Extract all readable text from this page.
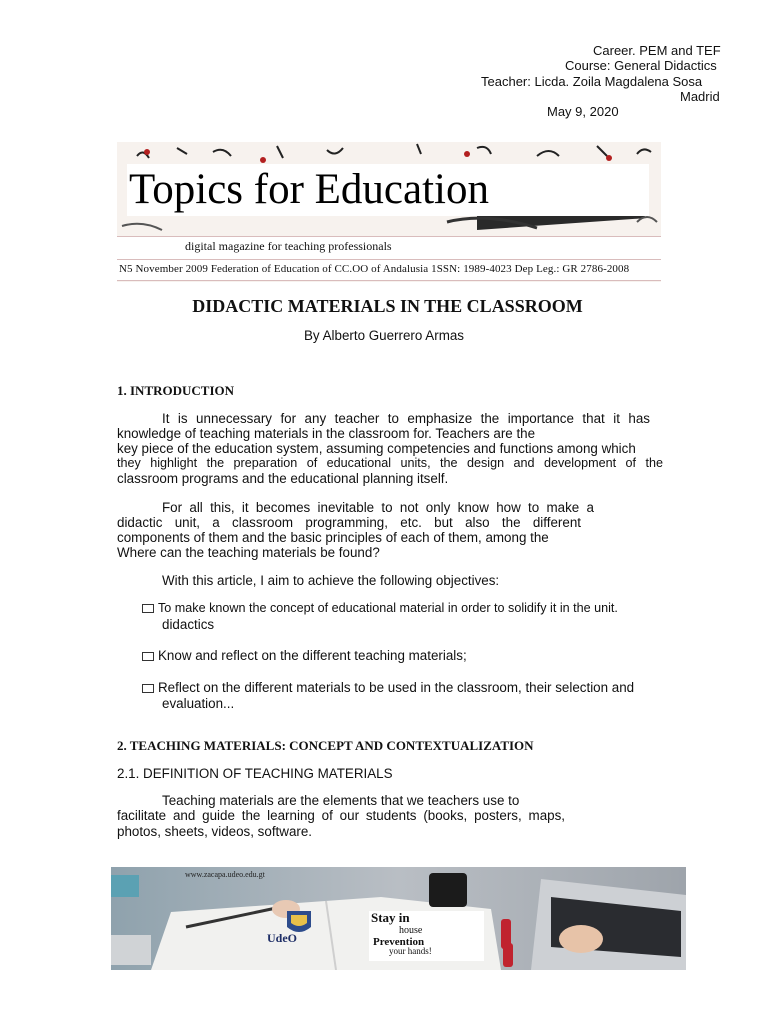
Career. PEM and TEF
Course: General Didactics
Teacher: Licda. Zoila Magdalena Sosa
Madrid
May 9, 2020
Topics for Education
digital magazine for teaching professionals
N5 November 2009 Federation of Education of CC.OO of Andalusia 1SSN: 1989-4023 Dep Leg.: GR 2786-2008
DIDACTIC MATERIALS IN THE CLASSROOM
By Alberto Guerrero Armas
1. INTRODUCTION
It is unnecessary for any teacher to emphasize the importance that it has
knowledge of teaching materials in the classroom for. Teachers are the
key piece of the education system, assuming competencies and functions among which
they highlight the preparation of educational units, the design and development of the
classroom programs and the educational planning itself.
For all this, it becomes inevitable to not only know how to make a
didactic unit, a classroom programming, etc. but also the different
components of them and the basic principles of each of them, among the
Where can the teaching materials be found?
With this article, I aim to achieve the following objectives:
To make known the concept of educational material in order to solidify it in the unit.
didactics
Know and reflect on the different teaching materials;
Reflect on the different materials to be used in the classroom, their selection and
evaluation...
2. TEACHING MATERIALS: CONCEPT AND CONTEXTUALIZATION
2.1. DEFINITION OF TEACHING MATERIALS
Teaching materials are the elements that we teachers use to
facilitate and guide the learning of our students (books, posters, maps,
photos, sheets, videos, software.
www.zacapa.udeo.edu.gt
UdeO
Stay in
house
Prevention
your hands!
